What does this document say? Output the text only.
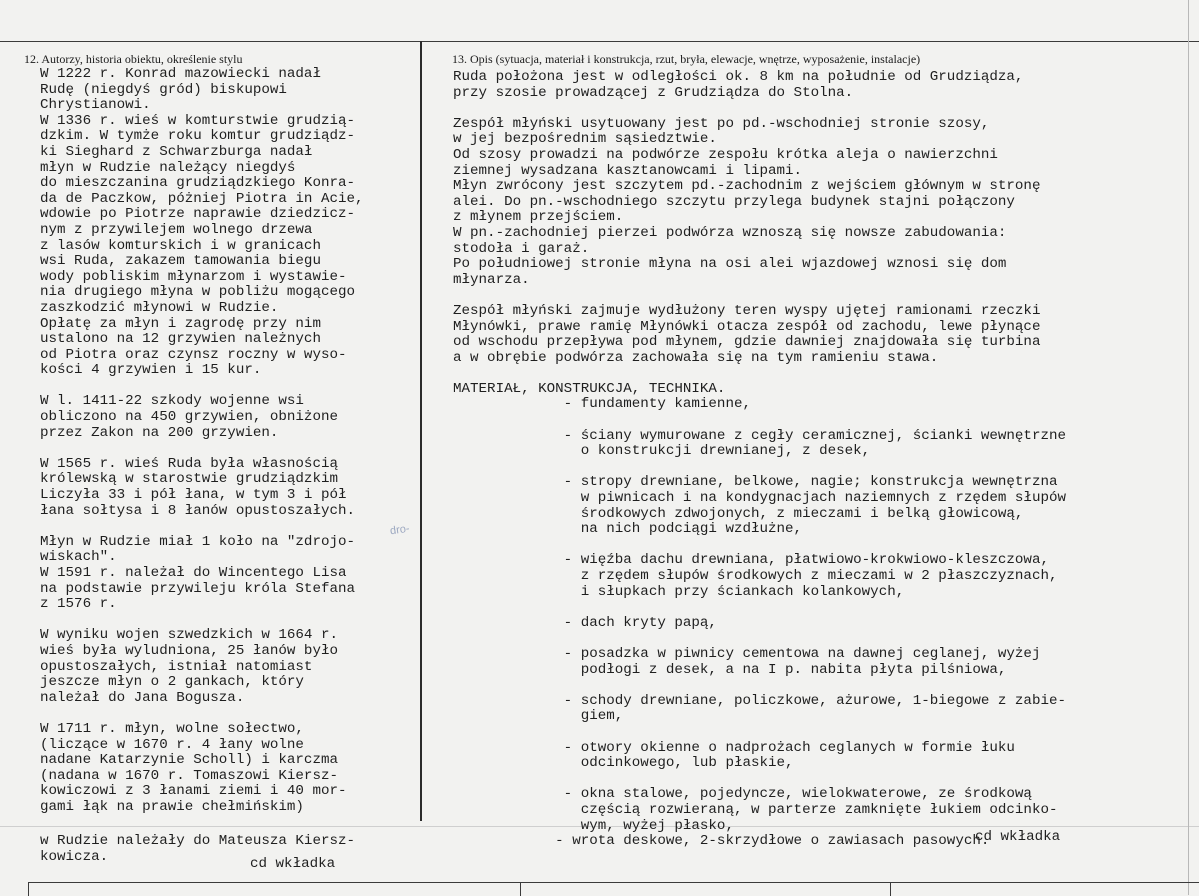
12. Autorzy, historia obiektu, określenie stylu	13. Opis (sytuacja, materiał i konstrukcja, rzut, bryła, elewacje, wnętrze, wyposażenie, instalacje)
W 1222 r. Konrad mazowiecki nadał
Rudę (niegdyś gród) biskupowi
Chrystianowi.
W 1336 r. wieś w komturstwie grudzią-
dzkim. W tymże roku komtur grudziądz-
ki Sieghard z Schwarzburga nadał
młyn w Rudzie należący niegdyś
do mieszczanina grudziądzkiego Konra-
da de Paczkow, póżniej Piotra in Acie,
wdowie po Piotrze naprawie dziedzicz-
nym z przywilejem wolnego drzewa
z lasów komturskich i w granicach
wsi Ruda, zakazem tamowania biegu
wody pobliskim młynarzom i wystawie-
nia drugiego młyna w pobliżu mogącego
zaszkodzić młynowi w Rudzie.
Opłatę za młyn i zagrodę przy nim
ustalono na 12 grzywien należnych
od Piotra oraz czynsz roczny w wyso-
kości 4 grzywien i 15 kur.

W l. 1411-22 szkody wojenne wsi
obliczono na 450 grzywien, obniżone
przez Zakon na 200 grzywien.

W 1565 r. wieś Ruda była własnością
królewską w starostwie grudziądzkim
Liczyła 33 i pół łana, w tym 3 i pół
łana sołtysa i 8 łanów opustoszałych.

Młyn w Rudzie miał 1 koło na "zdrojo-
wiskach".
W 1591 r. należał do Wincentego Lisa
na podstawie przywileju króla Stefana
z 1576 r.

W wyniku wojen szwedzkich w 1664 r.
wieś była wyludniona, 25 łanów było
opustoszałych, istniał natomiast
jeszcze młyn o 2 gankach, który
należał do Jana Bogusza.

W 1711 r. młyn, wolne sołectwo,
(liczące w 1670 r. 4 łany wolne
nadane Katarzynie Scholl) i karczma
(nadana w 1670 r. Tomaszowi Kiersz-
kowiczowi z 3 łanami ziemi i 40 mor-
gami łąk na prawie chełmińskim)
Ruda położona jest w odległości ok. 8 km na południe od Grudziądza,
przy szosie prowadzącej z Grudziądza do Stolna.

Zespół młyński usytuowany jest po pd.-wschodniej stronie szosy,
w jej bezpośrednim sąsiedztwie.
Od szosy prowadzi na podwórze zespołu krótka aleja o nawierzchni
ziemnej wysadzana kasztanowcami i lipami.
Młyn zwrócony jest szczytem pd.-zachodnim z wejściem głównym w stronę
alei. Do pn.-wschodniego szczytu przylega budynek stajni połączony
z młynem przejściem.
W pn.-zachodniej pierzei podwórza wznoszą się nowsze zabudowania:
stodoła i garaż.
Po południowej stronie młyna na osi alei wjazdowej wznosi się dom
młynarza.

Zespół młyński zajmuje wydłużony teren wyspy ujętej ramionami rzeczki
Młynówki, prawe ramię Młynówki otacza zespół od zachodu, lewe płynące
od wschodu przepływa pod młynem, gdzie dawniej znajdowała się turbina
a w obrębie podwórza zachowała się na tym ramieniu stawa.

MATERIAŁ, KONSTRUKCJA, TECHNIKA.
- fundamenty kamienne,

- ściany wymurowane z cegły ceramicznej, ścianki wewnętrzne
o konstrukcji drewnianej, z desek,

- stropy drewniane, belkowe, nagie; konstrukcja wewnętrzna
w piwnicach i na kondygnacjach naziemnych z rzędem słupów
środkowych zdwojonych, z mieczami i belką głowicową,
na nich podciągi wzdłużne,

- więźba dachu drewniana, płatwiowo-krokwiowo-kleszczowa,
z rzędem słupów środkowych z mieczami w 2 płaszczyznach,
i słupkach przy ściankach kolankowych,

- dach kryty papą,

- posadzka w piwnicy cementowa na dawnej ceglanej, wyżej
podłogi z desek, a na I p. nabita płyta pilśniowa,

- schody drewniane, policzkowe, ażurowe, 1-biegowe z zabie-
giem,

- otwory okienne o nadprożach ceglanych w formie łuku
odcinkowego, lub płaskie,

- okna stalowe, pojedyncze, wielokwaterowe, ze środkową
częścią rozwieraną, w parterze zamknięte łukiem odcinko-
wym, wyżej płasko,
- wrota deskowe, 2-skrzydłowe o zawiasach pasowych.
dro-
w Rudzie należały do Mateusza Kiersz-
kowicza.	cd wkładka
cd wkładka
